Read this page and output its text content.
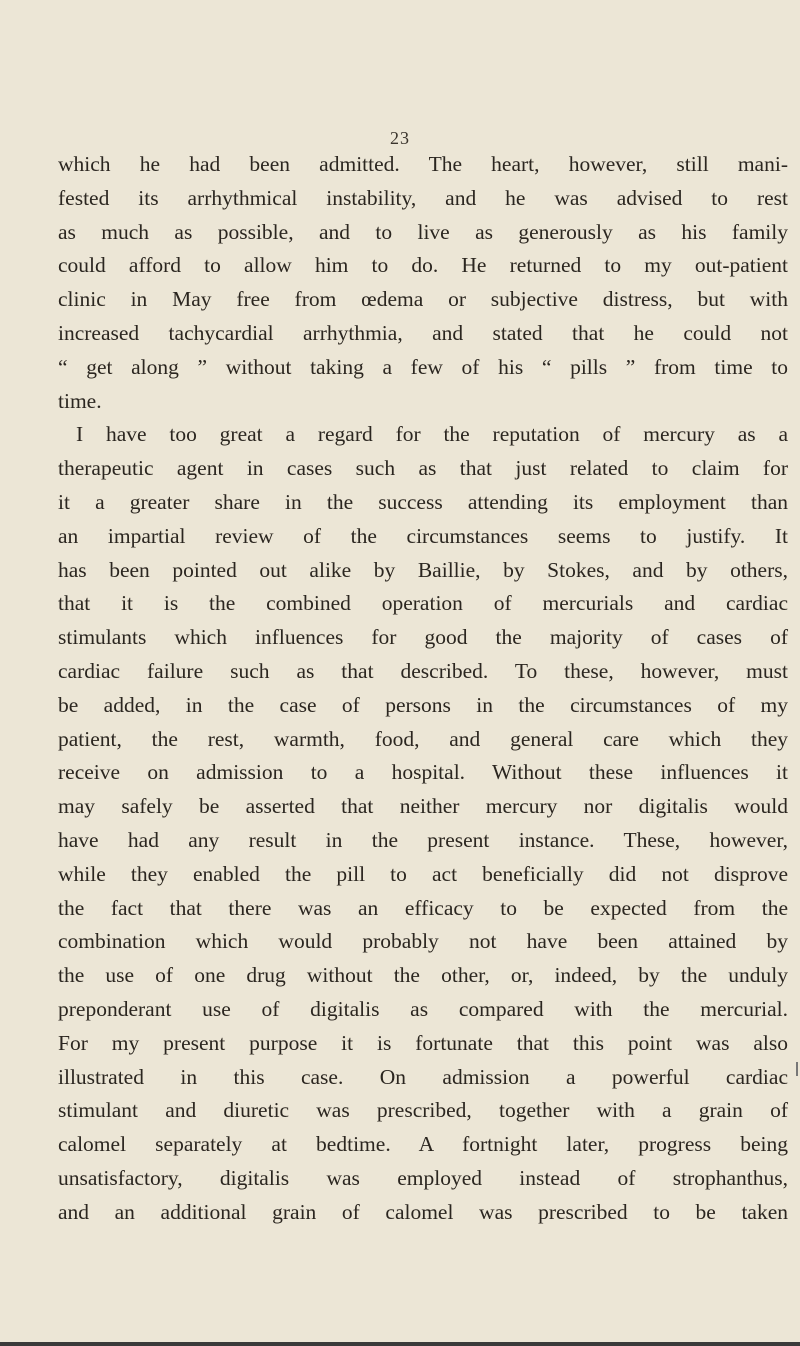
23
which he had been admitted. The heart, however, still mani-
fested its arrhythmical instability, and he was advised to rest
as much as possible, and to live as generously as his family
could afford to allow him to do. He returned to my out-patient
clinic in May free from œdema or subjective distress, but with
increased tachycardial arrhythmia, and stated that he could not
“ get along ” without taking a few of his “ pills ” from time to
time.
I have too great a regard for the reputation of mercury as a
therapeutic agent in cases such as that just related to claim for
it a greater share in the success attending its employment than
an impartial review of the circumstances seems to justify. It
has been pointed out alike by Baillie, by Stokes, and by others,
that it is the combined operation of mercurials and cardiac
stimulants which influences for good the majority of cases of
cardiac failure such as that described. To these, however, must
be added, in the case of persons in the circumstances of my
patient, the rest, warmth, food, and general care which they
receive on admission to a hospital. Without these influences it
may safely be asserted that neither mercury nor digitalis would
have had any result in the present instance. These, however,
while they enabled the pill to act beneficially did not disprove
the fact that there was an efficacy to be expected from the
combination which would probably not have been attained by
the use of one drug without the other, or, indeed, by the unduly
preponderant use of digitalis as compared with the mercurial.
For my present purpose it is fortunate that this point was also
illustrated in this case. On admission a powerful cardiac
stimulant and diuretic was prescribed, together with a grain of
calomel separately at bedtime. A fortnight later, progress being
unsatisfactory, digitalis was employed instead of strophanthus,
and an additional grain of calomel was prescribed to be taken
